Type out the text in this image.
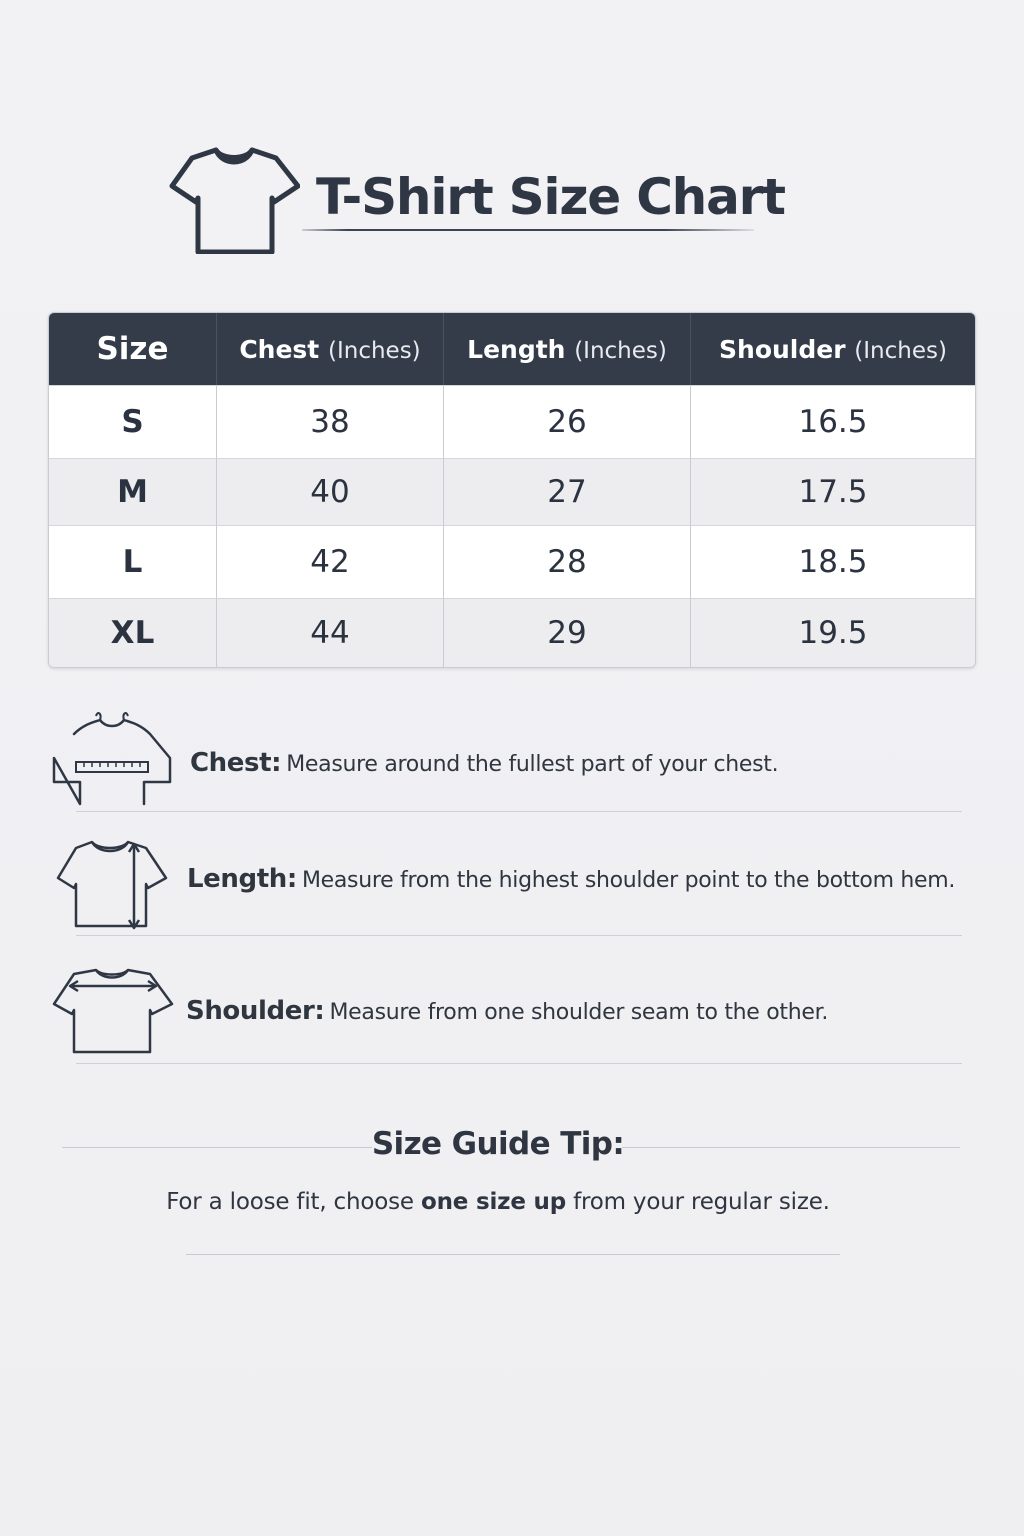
T-Shirt Size Chart
Size	Chest (Inches)	Length (Inches)	Shoulder (Inches)
S	38	26	16.5
M	40	27	17.5
L	42	28	18.5
XL	44	29	19.5
Chest: Measure around the fullest part of your chest.
Length: Measure from the highest shoulder point to the bottom hem.
Shoulder: Measure from one shoulder seam to the other.
Size Guide Tip:
For a loose fit, choose one size up from your regular size.
